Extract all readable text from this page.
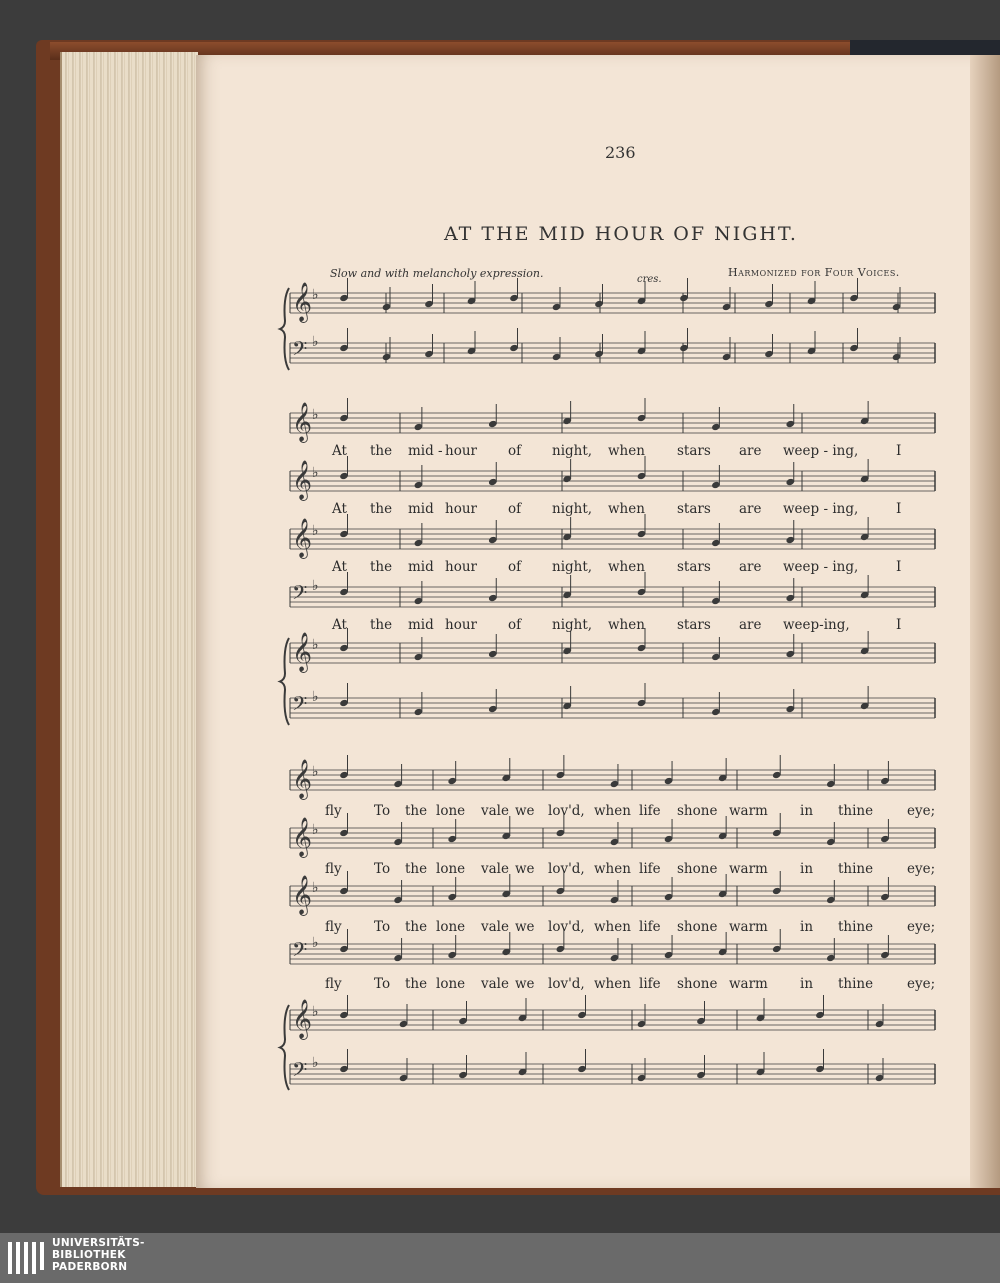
236
AT THE MID HOUR OF NIGHT.
Slow and with melancholy expression.	cres.
Harmonized for Four Voices.
𝄞 ♭
𝄢 ♭
𝄞 ♭
𝄞 ♭
𝄞 ♭
𝄢 ♭
𝄞 ♭
𝄢 ♭
𝄞 ♭
𝄞 ♭
𝄞 ♭
𝄢 ♭
𝄞 ♭
𝄢 ♭
At the mid - hour of night, when stars are weep - ing,	I
At the mid hour of night, when stars are weep - ing,	I
At the mid hour of night, when stars are weep - ing,	I
At the mid hour of night, when stars are weep-ing,	I
fly To the lone vale we lov'd, when life shone warm in thine	eye;
fly To the lone vale we lov'd, when life shone warm in thine	eye;
fly To the lone vale we lov'd, when life shone warm in thine	eye;
fly To the lone vale we lov'd, when life shone warm in thine	eye;
UNIVERSITÄTS-
BIBLIOTHEK
PADERBORN
